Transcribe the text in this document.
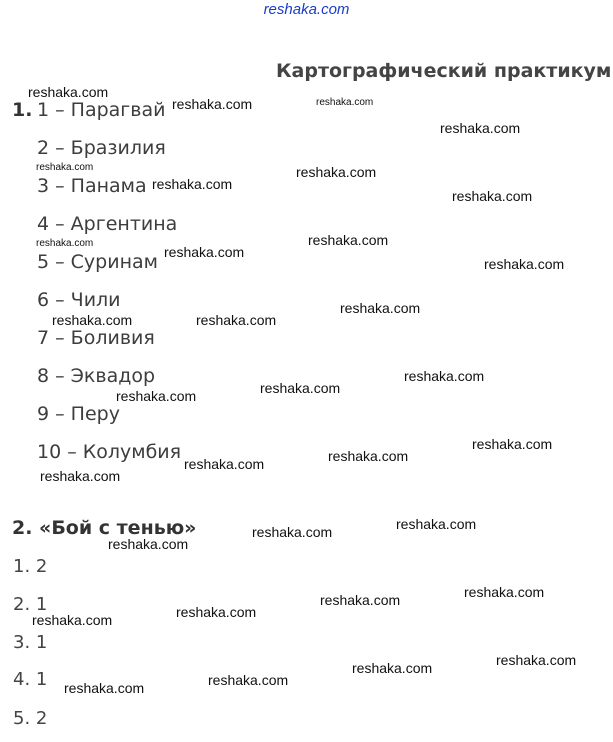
reshaka.com
Картографический практикум
1. 1 – Парагвай
2 – Бразилия
3 – Панама
4 – Аргентина
5 – Суринам
6 – Чили
7 – Боливия
8 – Эквадор
9 – Перу
10 – Колумбия
2. «Бой с тенью»
1. 2
2. 1
3. 1
4. 1
5. 2
reshaka.com
reshaka.com	reshaka.com
reshaka.com
reshaka.com	reshaka.com
reshaka.com
reshaka.com
reshaka.com
reshaka.com
reshaka.com
reshaka.com
reshaka.com
reshaka.com	reshaka.com
reshaka.com
reshaka.com
reshaka.com
reshaka.com
reshaka.com
reshaka.com
reshaka.com
reshaka.com
reshaka.com
reshaka.com
reshaka.com
reshaka.com
reshaka.com
reshaka.com
reshaka.com
reshaka.com
reshaka.com
reshaka.com
